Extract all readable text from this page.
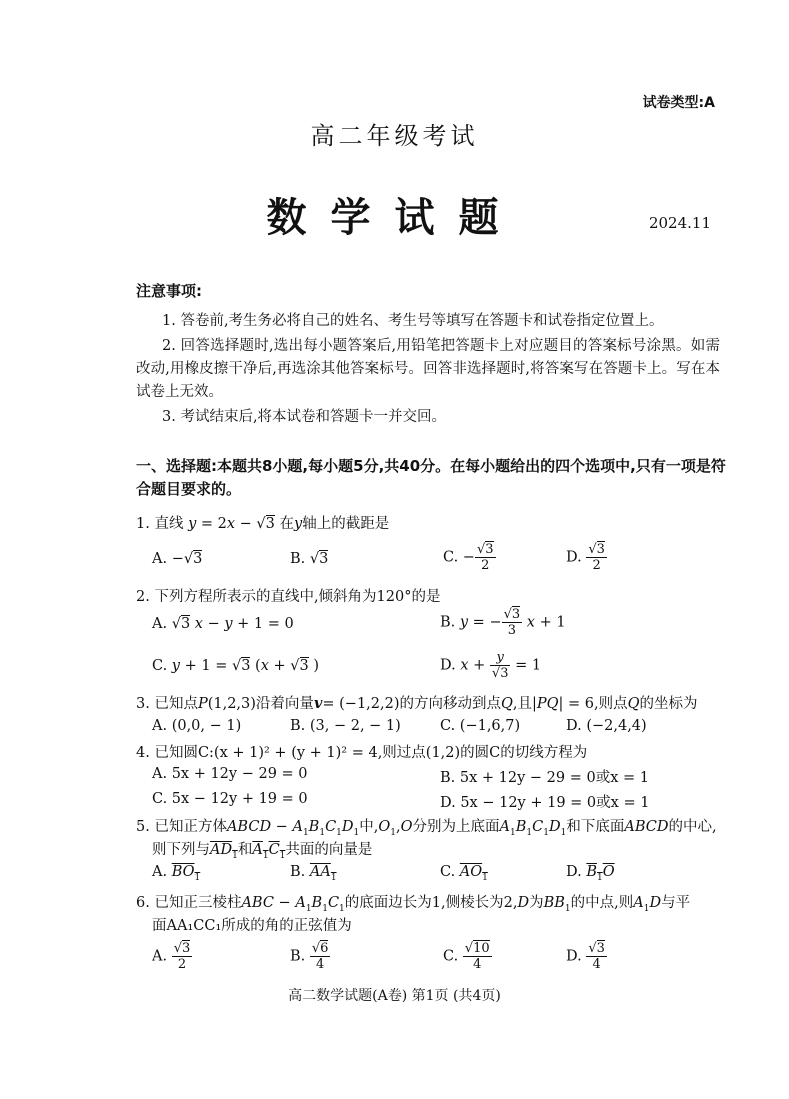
试卷类型:A
高二年级考试
数学试题	2024.11
注意事项:
1. 答卷前,考生务必将自己的姓名、考生号等填写在答题卡和试卷指定位置上。
2. 回答选择题时,选出每小题答案后,用铅笔把答题卡上对应题目的答案标号涂黑。如需改动,用橡皮擦干净后,再选涂其他答案标号。回答非选择题时,将答案写在答题卡上。写在本试卷上无效。
3. 考试结束后,将本试卷和答题卡一并交回。
一、选择题:本题共8小题,每小题5分,共40分。在每小题给出的四个选项中,只有一项是符合题目要求的。
1. 直线 y = 2x − √3 在y轴上的截距是
A. −√3	B. √3	C. − $\frac{√3}{2}$	D. $\frac{√3}{2}$
2. 下列方程所表示的直线中,倾斜角为120°的是
A. √3 x − y + 1 = 0	B. y = − $\frac{√3}{3}$ x + 1
C. y + 1 = √3 (x + √3 )	D. $x + \frac{y}{√3} = 1$
3. 已知点P(1,2,3)沿着向量v= (−1,2,2)的方向移动到点Q,且|PQ| = 6,则点Q的坐标为
A. (0,0, − 1)	B. (3, − 2, − 1)	C. (−1,6,7)	D. (−2,4,4)
4. 已知圆C:(x + 1)² + (y + 1)² = 4,则过点(1,2)的圆C的切线方程为
A. 5x + 12y − 29 = 0	B. 5x + 12y − 29 = 0或x = 1
C. 5x − 12y + 19 = 0	D. 5x − 12y + 19 = 0或x = 1
5. 已知正方体ABCD − $A_1B_1C_1D_1$中$,O_1,O$分别为上底面$A_1B_1C_1D_1$和下底面ABCD的中心,
则下列与$AD_1$和$A_1C_1$共面的向量是
A. $BO_1$	B. $AA_1$	C. $AO_1$	D. $B_1O$
6. 已知正三棱柱ABC − $A_1B_1C_1$的底面边长为1,侧棱长为2,D为$BB_1$的中点,则$A_1D$与平
面AA₁CC₁所成的角的正弦值为
A. $\frac{√3}{2}$	B. $\frac{√6}{4}$	C. $\frac{√10}{4}$	D. $\frac{√3}{4}$
高二数学试题(A卷) 第1页 (共4页)
